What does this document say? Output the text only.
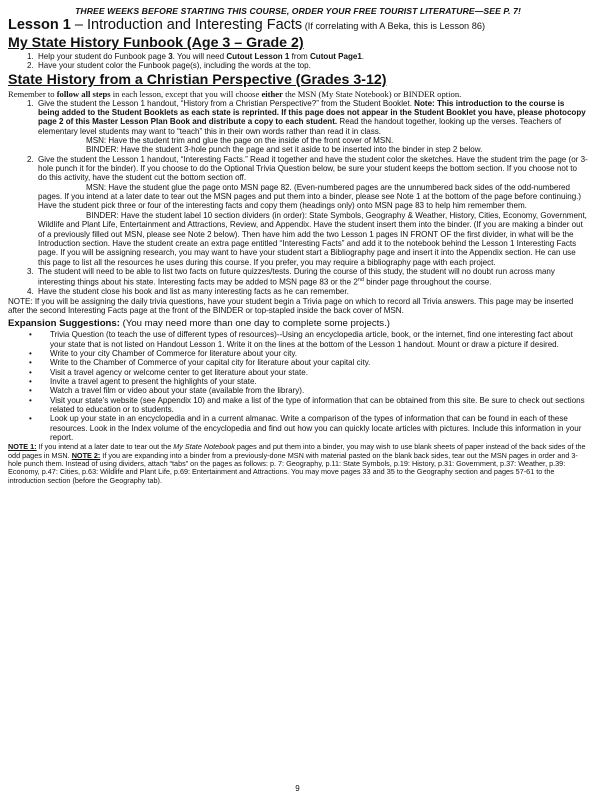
THREE WEEKS BEFORE STARTING THIS COURSE, ORDER YOUR FREE TOURIST LITERATURE—SEE P. 7!
Lesson 1 – Introduction and Interesting Facts (If correlating with A Beka, this is Lesson 86)
My State History Funbook (Age 3 – Grade 2)
1. Help your student do Funbook page 3. You will need Cutout Lesson 1 from Cutout Page1.
2. Have your student color the Funbook page(s), including the words at the top.
State History from a Christian Perspective (Grades 3-12)
Remember to follow all steps in each lesson, except that you will choose either the MSN (My State Notebook) or BINDER option.
1. Give the student the Lesson 1 handout, “History from a Christian Perspective?” from the Student Booklet. Note: This introduction to the course is being added to the Student Booklets as each state is reprinted. If this page does not appear in the Student Booklet you have, please photocopy page 2 of this Master Lesson Plan Book and distribute a copy to each student. Read the handout together, looking up the verses. Teachers of elementary level students may want to “teach” this in their own words rather than read it in class.
MSN: Have the student trim and glue the page on the inside of the front cover of MSN.
BINDER: Have the student 3-hole punch the page and set it aside to be inserted into the binder in step 2 below.
2. Give the student the Lesson 1 handout, “Interesting Facts.” Read it together and have the student color the sketches. Have the student trim the page (or 3-hole punch it for the binder). If you choose to do the Optional Trivia Question below, be sure your student keeps the bottom section. If you choose not to do this activity, have the student cut the bottom section off.
MSN: Have the student glue the page onto MSN page 82. (Even-numbered pages are the unnumbered back sides of the odd-numbered pages. If you intend at a later date to tear out the MSN pages and put them into a binder, please see Note 1 at the bottom of the page before continuing.) Have the student pick three or four of the interesting facts and copy them (headings only) onto MSN page 83 to help him remember them.
BINDER: Have the student label 10 section dividers (in order): State Symbols, Geography & Weather, History, Cities, Economy, Government, Wildlife and Plant Life, Entertainment and Attractions, Review, and Appendix. Have the student insert them into the binder. (If you are making a binder out of a previously filled out MSN, please see Note 2 below). Then have him add the two Lesson 1 pages IN FRONT OF the first divider, in what will be the Introduction section. Have the student create an extra page entitled “Interesting Facts” and add it to the notebook behind the Lesson 1 Interesting Facts page. If you will be assigning research, you may want to have your student start a Bibliography page and insert it into the Appendix section. He can use this page to list all the resources he uses during this course. If you prefer, you may require a bibliography page with each project.
3. The student will need to be able to list two facts on future quizzes/tests. During the course of this study, the student will no doubt run across many interesting things about his state. Interesting facts may be added to MSN page 83 or the 2nd binder page throughout the course.
4. Have the student close his book and list as many interesting facts as he can remember.
NOTE: If you will be assigning the daily trivia questions, have your student begin a Trivia page on which to record all Trivia answers. This page may be inserted after the second Interesting Facts page at the front of the BINDER or top-stapled inside the back cover of MSN.
Expansion Suggestions: (You may need more than one day to complete some projects.)
• Trivia Question (to teach the use of different types of resources)--Using an encyclopedia article, book, or the internet, find one interesting fact about your state that is not listed on Handout Lesson 1. Write it on the lines at the bottom of the Lesson 1 handout. Mount or draw a picture if desired.
• Write to your city Chamber of Commerce for literature about your city.
• Write to the Chamber of Commerce of your capital city for literature about your capital city.
• Visit a travel agency or welcome center to get literature about your state.
• Invite a travel agent to present the highlights of your state.
• Watch a travel film or video about your state (available from the library).
• Visit your state’s website (see Appendix 10) and make a list of the type of information that can be obtained from this site. Be sure to check out sections related to education or to students.
• Look up your state in an encyclopedia and in a current almanac. Write a comparison of the types of information that can be found in each of these resources. Look in the Index volume of the encyclopedia and find out how you can quickly locate articles with pictures. Include this information in your report.
NOTE 1: If you intend at a later date to tear out the My State Notebook pages and put them into a binder, you may wish to use blank sheets of paper instead of the back sides of the odd pages in MSN. NOTE 2: If you are expanding into a binder from a previously-done MSN with material pasted on the blank back sides, tear out the MSN pages in order and 3-hole punch them. Instead of using dividers, attach “tabs” on the pages as follows: p. 7: Geography, p.11: State Symbols, p.19: History, p.31: Government, p.37: Weather, p.39: Economy, p.47: Cities, p.63: Wildlife and Plant Life, p.69: Entertainment and Attractions. You may move pages 33 and 35 to the Geography section and pages 57-61 to the introduction section (before the Geography tab).
9
